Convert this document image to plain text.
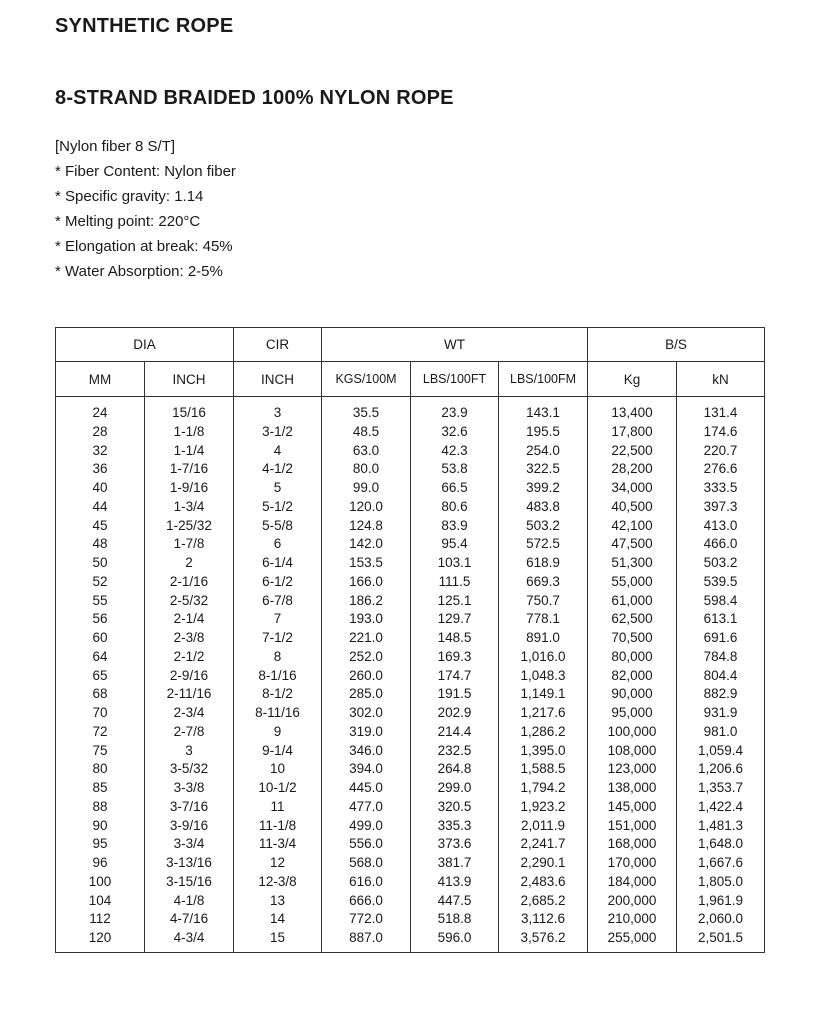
SYNTHETIC ROPE
8-STRAND BRAIDED 100% NYLON ROPE
[Nylon fiber 8 S/T]
* Fiber Content: Nylon fiber
* Specific gravity: 1.14
* Melting point: 220°C
* Elongation at break: 45%
* Water Absorption: 2-5%
DIA		CIR	WT			B/S	
MM	INCH	INCH	KGS/100M	LBS/100FT	LBS/100FM	Kg	kN
24	15/16	3	35.5	23.9	143.1	13,400	131.4
28	1-1/8	3-1/2	48.5	32.6	195.5	17,800	174.6
32	1-1/4	4	63.0	42.3	254.0	22,500	220.7
36	1-7/16	4-1/2	80.0	53.8	322.5	28,200	276.6
40	1-9/16	5	99.0	66.5	399.2	34,000	333.5
44	1-3/4	5-1/2	120.0	80.6	483.8	40,500	397.3
45	1-25/32	5-5/8	124.8	83.9	503.2	42,100	413.0
48	1-7/8	6	142.0	95.4	572.5	47,500	466.0
50	2	6-1/4	153.5	103.1	618.9	51,300	503.2
52	2-1/16	6-1/2	166.0	111.5	669.3	55,000	539.5
55	2-5/32	6-7/8	186.2	125.1	750.7	61,000	598.4
56	2-1/4	7	193.0	129.7	778.1	62,500	613.1
60	2-3/8	7-1/2	221.0	148.5	891.0	70,500	691.6
64	2-1/2	8	252.0	169.3	1,016.0	80,000	784.8
65	2-9/16	8-1/16	260.0	174.7	1,048.3	82,000	804.4
68	2-11/16	8-1/2	285.0	191.5	1,149.1	90,000	882.9
70	2-3/4	8-11/16	302.0	202.9	1,217.6	95,000	931.9
72	2-7/8	9	319.0	214.4	1,286.2	100,000	981.0
75	3	9-1/4	346.0	232.5	1,395.0	108,000	1,059.4
80	3-5/32	10	394.0	264.8	1,588.5	123,000	1,206.6
85	3-3/8	10-1/2	445.0	299.0	1,794.2	138,000	1,353.7
88	3-7/16	11	477.0	320.5	1,923.2	145,000	1,422.4
90	3-9/16	11-1/8	499.0	335.3	2,011.9	151,000	1,481.3
95	3-3/4	11-3/4	556.0	373.6	2,241.7	168,000	1,648.0
96	3-13/16	12	568.0	381.7	2,290.1	170,000	1,667.6
100	3-15/16	12-3/8	616.0	413.9	2,483.6	184,000	1,805.0
104	4-1/8	13	666.0	447.5	2,685.2	200,000	1,961.9
112	4-7/16	14	772.0	518.8	3,112.6	210,000	2,060.0
120	4-3/4	15	887.0	596.0	3,576.2	255,000	2,501.5
